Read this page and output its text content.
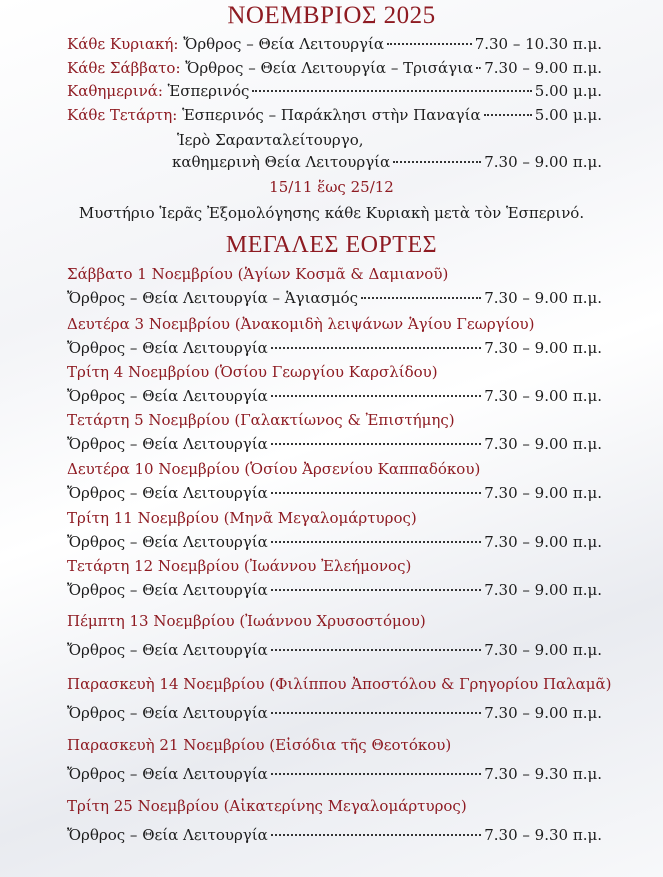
ΝΟΕΜΒΡΙΟΣ 2025
Κάθε Κυριακή:
Ὄρθρος – Θεία Λειτουργία	7.30 – 10.30 π.μ.
Κάθε Σάββατο:
Ὄρθρος – Θεία Λειτουργία – Τρισάγια 7.30 – 9.00 π.μ.
Καθημερινά:
Ἑσπερινός	5.00 μ.μ.
Κάθε Τετάρτη:
Ἑσπερινός – Παράκλησι στὴν Παναγία	5.00 μ.μ.
Ἱερὸ Σαρανταλείτουργο,
καθημερινὴ Θεία Λειτουργία	7.30 – 9.00 π.μ.
15/11 ἕως 25/12
Μυστήριο Ἱερᾶς Ἐξομολόγησης κάθε Κυριακὴ μετὰ τὸν Ἑσπερινό.
ΜΕΓΑΛΕΣ ΕΟΡΤΕΣ
Σάββατο 1 Νοεμβρίου (Ἁγίων Κοσμᾶ & Δαμιανοῦ)
Ὄρθρος – Θεία Λειτουργία – Ἁγιασμός	7.30 – 9.00 π.μ.
Δευτέρα 3 Νοεμβρίου (Ἀνακομιδὴ λειψάνων Ἁγίου Γεωργίου)
Ὄρθρος – Θεία Λειτουργία	7.30 – 9.00 π.μ.
Τρίτη 4 Νοεμβρίου (Ὁσίου Γεωργίου Καρσλίδου)
Ὄρθρος – Θεία Λειτουργία	7.30 – 9.00 π.μ.
Τετάρτη 5 Νοεμβρίου (Γαλακτίωνος & Ἐπιστήμης)
Ὄρθρος – Θεία Λειτουργία	7.30 – 9.00 π.μ.
Δευτέρα 10 Νοεμβρίου (Ὁσίου Ἀρσενίου Καππαδόκου)
Ὄρθρος – Θεία Λειτουργία	7.30 – 9.00 π.μ.
Τρίτη 11 Νοεμβρίου (Μηνᾶ Μεγαλομάρτυρος)
Ὄρθρος – Θεία Λειτουργία	7.30 – 9.00 π.μ.
Τετάρτη 12 Νοεμβρίου (Ἰωάννου Ἐλεήμονος)
Ὄρθρος – Θεία Λειτουργία	7.30 – 9.00 π.μ.
Πέμπτη 13 Νοεμβρίου (Ἰωάννου Χρυσοστόμου)
Ὄρθρος – Θεία Λειτουργία	7.30 – 9.00 π.μ.
Παρασκευὴ 14 Νοεμβρίου (Φιλίππου Ἀποστόλου & Γρηγορίου Παλαμᾶ)
Ὄρθρος – Θεία Λειτουργία	7.30 – 9.00 π.μ.
Παρασκευὴ 21 Νοεμβρίου (Εἰσόδια τῆς Θεοτόκου)
Ὄρθρος – Θεία Λειτουργία	7.30 – 9.30 π.μ.
Τρίτη 25 Νοεμβρίου (Αἰκατερίνης Μεγαλομάρτυρος)
Ὄρθρος – Θεία Λειτουργία	7.30 – 9.30 π.μ.
